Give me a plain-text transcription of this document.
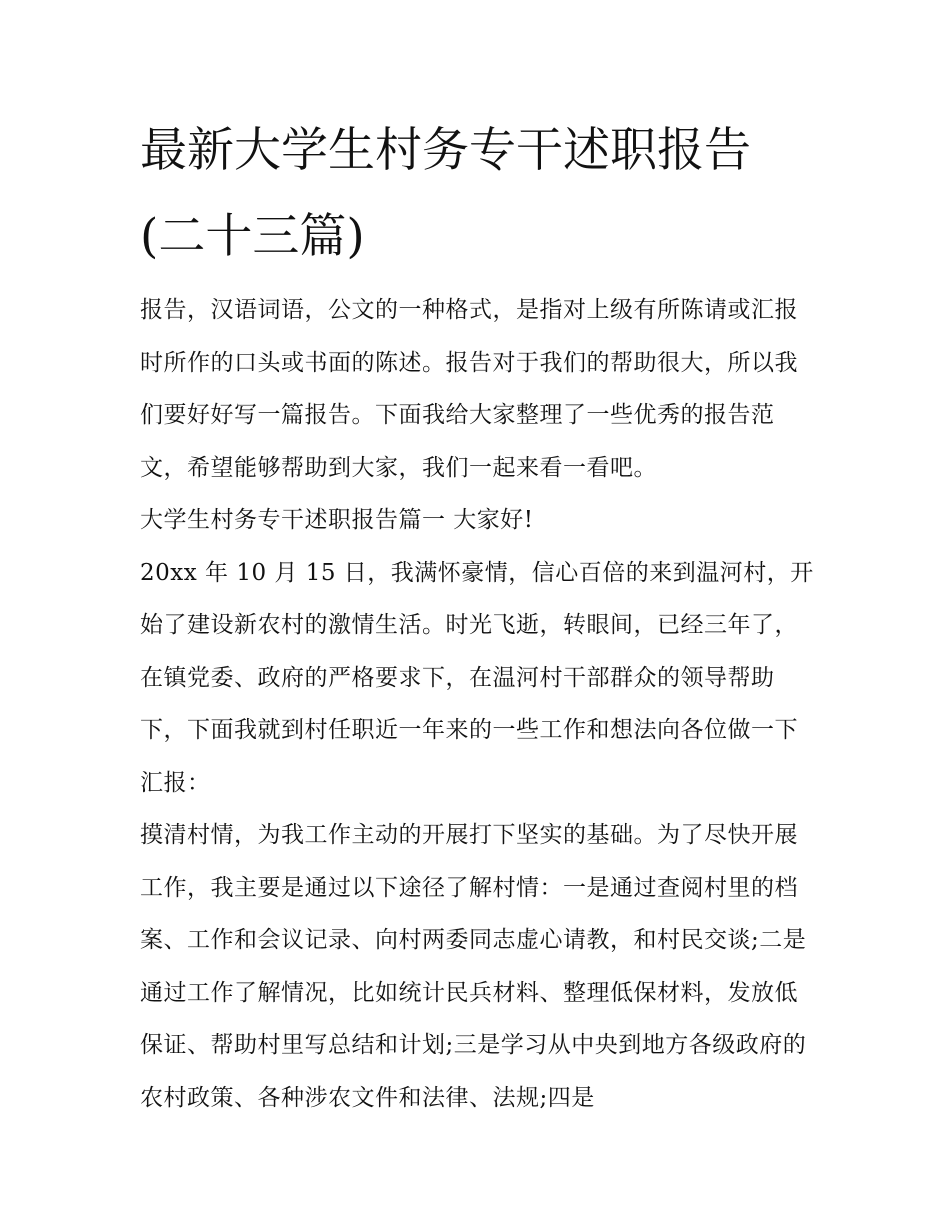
最新大学生村务专干述职报告(二十三篇)

报告，汉语词语，公文的一种格式，是指对上级有所陈请或汇报时所作的口头或书面的陈述。报告对于我们的帮助很大，所以我们要好好写一篇报告。下面我给大家整理了一些优秀的报告范文，希望能够帮助到大家，我们一起来看一看吧。

大学生村务专干述职报告篇一 大家好!

20xx 年 10 月 15 日，我满怀豪情，信心百倍的来到温河村，开始了建设新农村的激情生活。时光飞逝，转眼间，已经三年了，在镇党委、政府的严格要求下，在温河村干部群众的领导帮助下，下面我就到村任职近一年来的一些工作和想法向各位做一下汇报：

摸清村情，为我工作主动的开展打下坚实的基础。为了尽快开展工作，我主要是通过以下途径了解村情：一是通过查阅村里的档案、工作和会议记录、向村两委同志虚心请教，和村民交谈;二是通过工作了解情况，比如统计民兵材料、整理低保材料，发放低保证、帮助村里写总结和计划;三是学习从中央到地方各级政府的农村政策、各种涉农文件和法律、法规;四是
